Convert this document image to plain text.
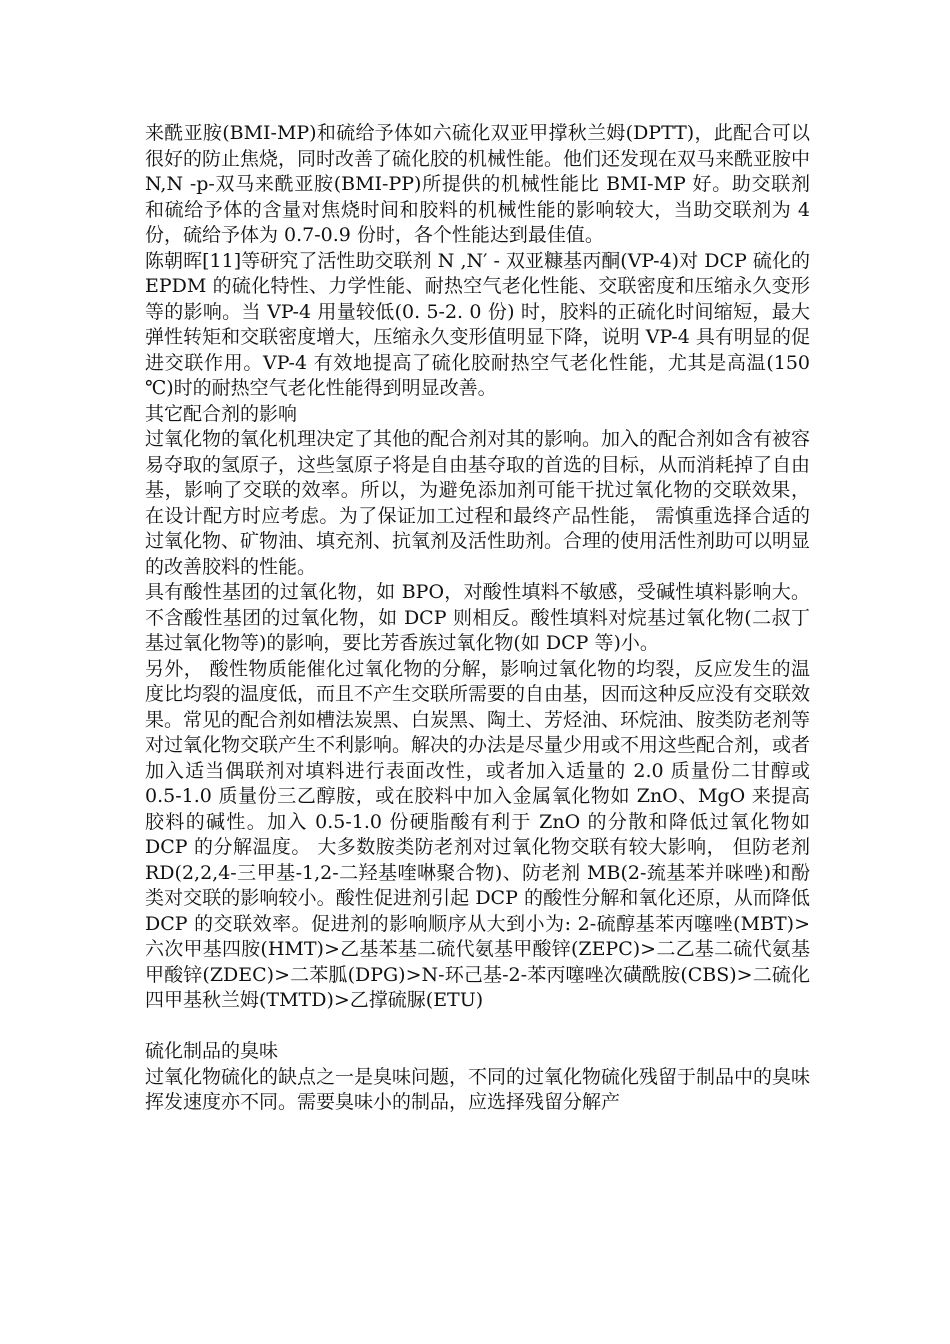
来酰亚胺(BMI-MP)和硫给予体如六硫化双亚甲撑秋兰姆(DPTT)，此配合可以很好的防止焦烧，同时改善了硫化胶的机械性能。他们还发现在双马来酰亚胺中 N,N -p-双马来酰亚胺(BMI-PP)所提供的机械性能比 BMI-MP 好。助交联剂和硫给予体的含量对焦烧时间和胶料的机械性能的影响较大，当助交联剂为 4 份，硫给予体为 0.7-0.9 份时，各个性能达到最佳值。

陈朝晖[11]等研究了活性助交联剂 N ,N′ - 双亚糠基丙酮(VP-4)对 DCP 硫化的 EPDM 的硫化特性、力学性能、耐热空气老化性能、交联密度和压缩永久变形等的影响。当 VP-4 用量较低(0. 5-2. 0 份) 时，胶料的正硫化时间缩短，最大弹性转矩和交联密度增大，压缩永久变形值明显下降，说明 VP-4 具有明显的促进交联作用。VP-4 有效地提高了硫化胶耐热空气老化性能，尤其是高温(150 ℃)时的耐热空气老化性能得到明显改善。

其它配合剂的影响

过氧化物的氧化机理决定了其他的配合剂对其的影响。加入的配合剂如含有被容易夺取的氢原子，这些氢原子将是自由基夺取的首选的目标，从而消耗掉了自由基，影响了交联的效率。所以，为避免添加剂可能干扰过氧化物的交联效果， 在设计配方时应考虑。为了保证加工过程和最终产品性能， 需慎重选择合适的过氧化物、矿物油、填充剂、抗氧剂及活性助剂。合理的使用活性剂助可以明显的改善胶料的性能。

具有酸性基团的过氧化物，如 BPO，对酸性填料不敏感，受碱性填料影响大。不含酸性基团的过氧化物，如 DCP 则相反。酸性填料对烷基过氧化物(二叔丁基过氧化物等)的影响，要比芳香族过氧化物(如 DCP 等)小。

另外， 酸性物质能催化过氧化物的分解，影响过氧化物的均裂，反应发生的温度比均裂的温度低，而且不产生交联所需要的自由基，因而这种反应没有交联效果。常见的配合剂如槽法炭黑、白炭黑、陶土、芳烃油、环烷油、胺类防老剂等对过氧化物交联产生不利影响。解决的办法是尽量少用或不用这些配合剂，或者加入适当偶联剂对填料进行表面改性，或者加入适量的 2.0 质量份二甘醇或 0.5-1.0 质量份三乙醇胺，或在胶料中加入金属氧化物如 ZnO、MgO 来提高胶料的碱性。加入 0.5-1.0 份硬脂酸有利于 ZnO 的分散和降低过氧化物如 DCP 的分解温度。 大多数胺类防老剂对过氧化物交联有较大影响， 但防老剂 RD(2,2,4-三甲基-1,2-二羟基喹啉聚合物)、防老剂 MB(2-巯基苯并咪唑)和酚类对交联的影响较小。酸性促进剂引起 DCP 的酸性分解和氧化还原，从而降低 DCP 的交联效率。促进剂的影响顺序从大到小为: 2-硫醇基苯丙噻唑(MBT)>六次甲基四胺(HMT)>乙基苯基二硫代氨基甲酸锌(ZEPC)>二乙基二硫代氨基甲酸锌(ZDEC)>二苯胍(DPG)>N-环己基-2-苯丙噻唑次磺酰胺(CBS)>二硫化四甲基秋兰姆(TMTD)>乙撑硫脲(ETU)

硫化制品的臭味

过氧化物硫化的缺点之一是臭味问题，不同的过氧化物硫化残留于制品中的臭味挥发速度亦不同。需要臭味小的制品，应选择残留分解产
